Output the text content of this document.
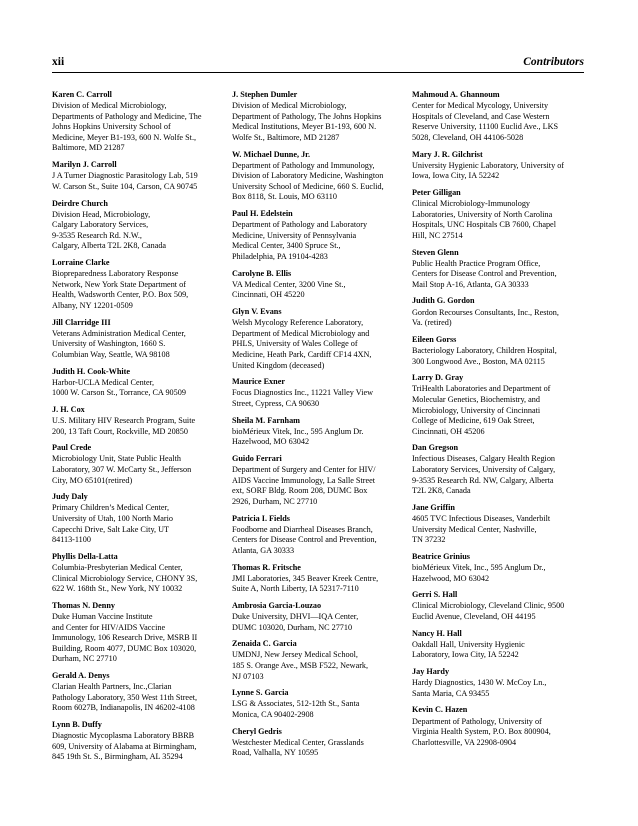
xii	Contributors
Karen C. Carroll
Division of Medical Microbiology,
Departments of Pathology and Medicine, The
Johns Hopkins University School of
Medicine, Meyer B1-193, 600 N. Wolfe St.,
Baltimore, MD 21287
Marilyn J. Carroll
J A Turner Diagnostic Parasitology Lab, 519
W. Carson St., Suite 104, Carson, CA 90745
Deirdre Church
Division Head, Microbiology,
Calgary Laboratory Services,
9-3535 Research Rd. N.W.,
Calgary, Alberta T2L 2K8, Canada
Lorraine Clarke
Biopreparedness Laboratory Response
Network, New York State Department of
Health, Wadsworth Center, P.O. Box 509,
Albany, NY 12201-0509
Jill Clarridge III
Veterans Administration Medical Center,
University of Washington, 1660 S.
Columbian Way, Seattle, WA 98108
Judith H. Cook-White
Harbor-UCLA Medical Center,
1000 W. Carson St., Torrance, CA 90509
J. H. Cox
U.S. Military HIV Research Program, Suite
200, 13 Taft Court, Rockville, MD 20850
Paul Crede
Microbiology Unit, State Public Health
Laboratory, 307 W. McCarty St., Jefferson
City, MO 65101(retired)
Judy Daly
Primary Children’s Medical Center,
University of Utah, 100 North Mario
Capecchi Drive, Salt Lake City, UT
84113-1100
Phyllis Della-Latta
Columbia-Presbyterian Medical Center,
Clinical Microbiology Service, CHONY 3S,
622 W. 168th St., New York, NY 10032
Thomas N. Denny
Duke Human Vaccine Institute
and Center for HIV/AIDS Vaccine
Immunology, 106 Research Drive, MSRB II
Building, Room 4077, DUMC Box 103020,
Durham, NC 27710
Gerald A. Denys
Clarian Health Partners, Inc.,Clarian
Pathology Laboratory, 350 West 11th Street,
Room 6027B, Indianapolis, IN 46202-4108
Lynn B. Duffy
Diagnostic Mycoplasma Laboratory BBRB
609, University of Alabama at Birmingham,
845 19th St. S., Birmingham, AL 35294
J. Stephen Dumler
Division of Medical Microbiology,
Department of Pathology, The Johns Hopkins
Medical Institutions, Meyer B1-193, 600 N.
Wolfe St., Baltimore, MD 21287
W. Michael Dunne, Jr.
Department of Pathology and Immunology,
Division of Laboratory Medicine, Washington
University School of Medicine, 660 S. Euclid,
Box 8118, St. Louis, MO 63110
Paul H. Edelstein
Department of Pathology and Laboratory
Medicine, University of Pennsylvania
Medical Center, 3400 Spruce St.,
Philadelphia, PA 19104-4283
Carolyne B. Ellis
VA Medical Center, 3200 Vine St.,
Cincinnati, OH 45220
Glyn V. Evans
Welsh Mycology Reference Laboratory,
Department of Medical Microbiology and
PHLS, University of Wales College of
Medicine, Heath Park, Cardiff CF14 4XN,
United Kingdom (deceased)
Maurice Exner
Focus Diagnostics Inc., 11221 Valley View
Street, Cypress, CA 90630
Sheila M. Farnham
bioMérieux Vitek, Inc., 595 Anglum Dr.
Hazelwood, MO 63042
Guido Ferrari
Department of Surgery and Center for HIV/
AIDS Vaccine Immunology, La Salle Street
ext, SORF Bldg. Room 208, DUMC Box
2926, Durham, NC 27710
Patricia I. Fields
Foodborne and Diarrheal Diseases Branch,
Centers for Disease Control and Prevention,
Atlanta, GA 30333
Thomas R. Fritsche
JMI Laboratories, 345 Beaver Kreek Centre,
Suite A, North Liberty, IA 52317-7110
Ambrosia Garcia-Louzao
Duke University, DHVI—IQA Center,
DUMC 103020, Durham, NC 27710
Zenaida C. Garcia
UMDNJ, New Jersey Medical School,
185 S. Orange Ave., MSB F522, Newark,
NJ 07103
Lynne S. Garcia
LSG & Associates, 512-12th St., Santa
Monica, CA 90402-2908
Cheryl Gedris
Westchester Medical Center, Grasslands
Road, Valhalla, NY 10595
Mahmoud A. Ghannoum
Center for Medical Mycology, University
Hospitals of Cleveland, and Case Western
Reserve University, 11100 Euclid Ave., LKS
5028, Cleveland, OH 44106-5028
Mary J. R. Gilchrist
University Hygienic Laboratory, University of
Iowa, Iowa City, IA 52242
Peter Gilligan
Clinical Microbiology-Immunology
Laboratories, University of North Carolina
Hospitals, UNC Hospitals CB 7600, Chapel
Hill, NC 27514
Steven Glenn
Public Health Practice Program Office,
Centers for Disease Control and Prevention,
Mail Stop A-16, Atlanta, GA 30333
Judith G. Gordon
Gordon Recourses Consultants, Inc., Reston,
Va. (retired)
Eileen Gorss
Bacteriology Laboratory, Children Hospital,
300 Longwood Ave., Boston, MA 02115
Larry D. Gray
TriHealth Laboratories and Department of
Molecular Genetics, Biochemistry, and
Microbiology, University of Cincinnati
College of Medicine, 619 Oak Street,
Cincinnati, OH 45206
Dan Gregson
Infectious Diseases, Calgary Health Region
Laboratory Services, University of Calgary,
9-3535 Research Rd. NW, Calgary, Alberta
T2L 2K8, Canada
Jane Griffin
4605 TVC Infectious Diseases, Vanderbilt
University Medical Center, Nashville,
TN 37232
Beatrice Grinius
bioMérieux Vitek, Inc., 595 Anglum Dr.,
Hazelwood, MO 63042
Gerri S. Hall
Clinical Microbiology, Cleveland Clinic, 9500
Euclid Avenue, Cleveland, OH 44195
Nancy H. Hall
Oakdall Hall, University Hygienic
Laboratory, Iowa City, IA 52242
Jay Hardy
Hardy Diagnostics, 1430 W. McCoy Ln.,
Santa Maria, CA 93455
Kevin C. Hazen
Department of Pathology, University of
Virginia Health System, P.O. Box 800904,
Charlottesville, VA 22908-0904
